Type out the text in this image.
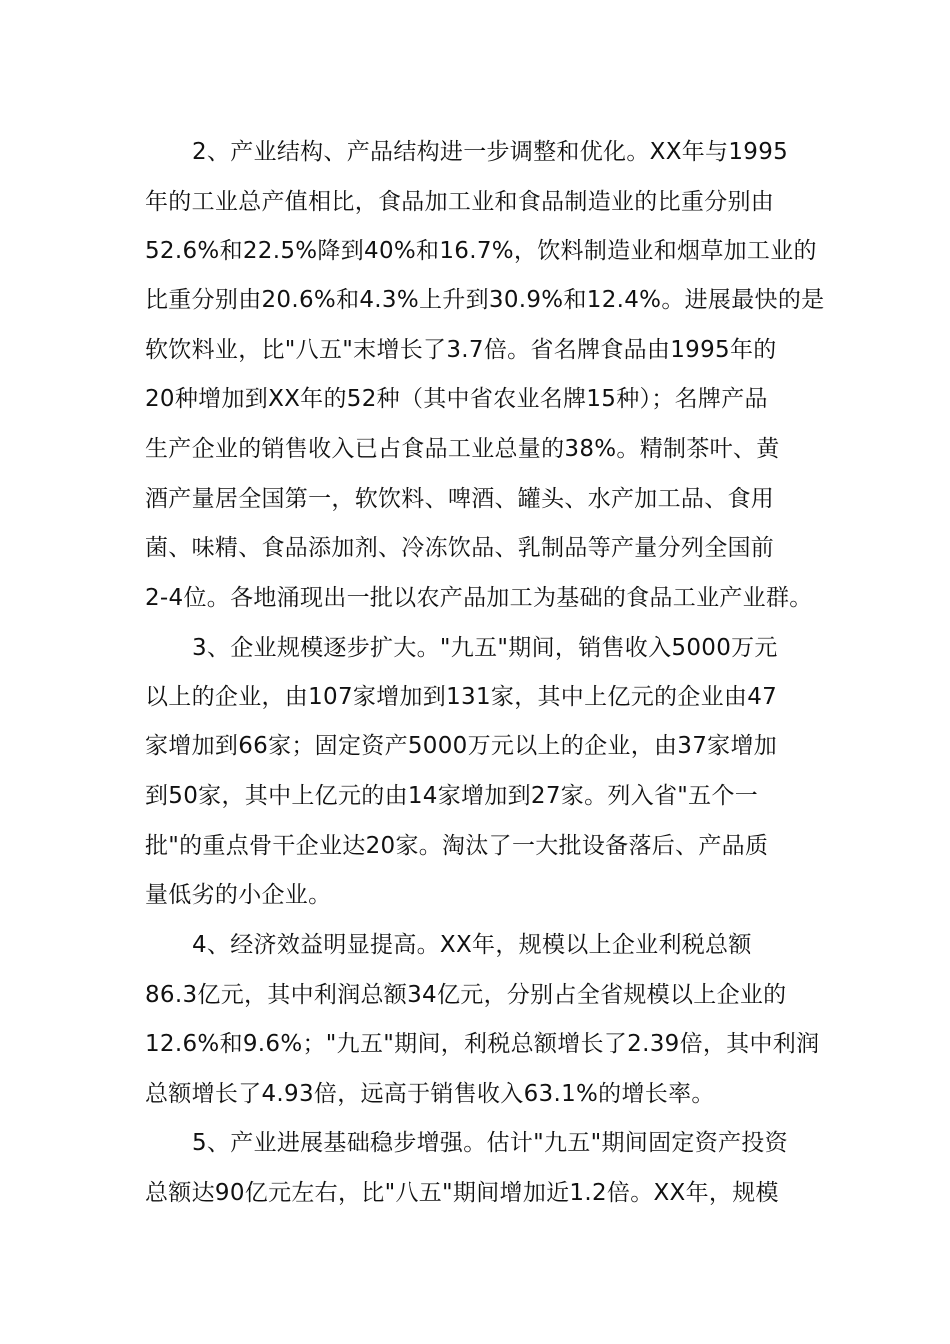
2、产业结构、产品结构进一步调整和优化。XX年与1995
年的工业总产值相比，食品加工业和食品制造业的比重分别由
52.6%和22.5%降到40%和16.7%，饮料制造业和烟草加工业的
比重分别由20.6%和4.3%上升到30.9%和12.4%。进展最快的是
软饮料业，比"八五"末增长了3.7倍。省名牌食品由1995年的
20种增加到XX年的52种（其中省农业名牌15种）；名牌产品
生产企业的销售收入已占食品工业总量的38%。精制茶叶、黄
酒产量居全国第一，软饮料、啤酒、罐头、水产加工品、食用
菌、味精、食品添加剂、冷冻饮品、乳制品等产量分列全国前
2-4位。各地涌现出一批以农产品加工为基础的食品工业产业群。
3、企业规模逐步扩大。"九五"期间，销售收入5000万元
以上的企业，由107家增加到131家，其中上亿元的企业由47
家增加到66家；固定资产5000万元以上的企业，由37家增加
到50家，其中上亿元的由14家增加到27家。列入省"五个一
批"的重点骨干企业达20家。淘汰了一大批设备落后、产品质
量低劣的小企业。
4、经济效益明显提高。XX年，规模以上企业利税总额
86.3亿元，其中利润总额34亿元，分别占全省规模以上企业的
12.6%和9.6%；"九五"期间，利税总额增长了2.39倍，其中利润
总额增长了4.93倍，远高于销售收入63.1%的增长率。
5、产业进展基础稳步增强。估计"九五"期间固定资产投资
总额达90亿元左右，比"八五"期间增加近1.2倍。XX年，规模
